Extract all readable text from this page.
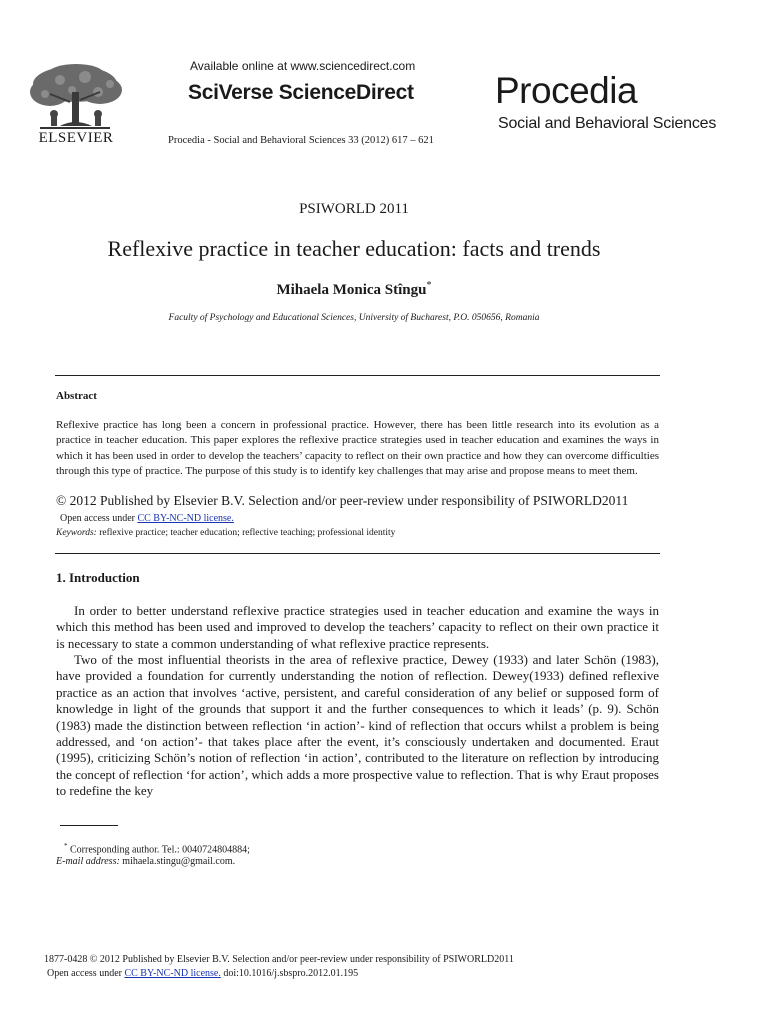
ELSEVIER
Available online at www.sciencedirect.com
SciVerse ScienceDirect
Procedia - Social and Behavioral Sciences 33 (2012) 617 – 621
Procedia
Social and Behavioral Sciences
PSIWORLD 2011
Reflexive practice in teacher education: facts and trends
Mihaela Monica Stîngu*
Faculty of Psychology and Educational Sciences, University of Bucharest, P.O. 050656, Romania
Abstract
Reflexive practice has long been a concern in professional practice. However, there has been little research into its evolution as a practice in teacher education. This paper explores the reflexive practice strategies used in teacher education and examines the ways in which it has been used in order to develop the teachers’ capacity to reflect on their own practice and how they can overcome difficulties through this type of practice. The purpose of this study is to identify key challenges that may arise and propose means to meet them.
© 2012 Published by Elsevier B.V. Selection and/or peer-review under responsibility of PSIWORLD2011
Open access under CC BY-NC-ND license.
Keywords: reflexive practice; teacher education; reflective teaching; professional identity
1. Introduction
In order to better understand reflexive practice strategies used in teacher education and examine the ways in which this method has been used and improved to develop the teachers’ capacity to reflect on their own practice it is necessary to state a common understanding of what reflexive practice represents.
Two of the most influential theorists in the area of reflexive practice, Dewey (1933) and later Schön (1983), have provided a foundation for currently understanding the notion of reflection. Dewey(1933) defined reflexive practice as an action that involves ‘active, persistent, and careful consideration of any belief or supposed form of knowledge in light of the grounds that support it and the further consequences to which it leads’ (p. 9). Schön (1983) made the distinction between reflection ‘in action’- kind of reflection that occurs whilst a problem is being addressed, and ‘on action’- that takes place after the event, it’s consciously undertaken and documented. Eraut (1995), criticizing Schön’s notion of reflection ‘in action’, contributed to the literature on reflection by introducing the concept of reflection ‘for action’, which adds a more prospective value to reflection. That is why Eraut proposes to redefine the key
* Corresponding author. Tel.: 0040724804884;
E-mail address: mihaela.stingu@gmail.com.
1877-0428 © 2012 Published by Elsevier B.V. Selection and/or peer-review under responsibility of PSIWORLD2011
Open access under CC BY-NC-ND license. doi:10.1016/j.sbspro.2012.01.195
